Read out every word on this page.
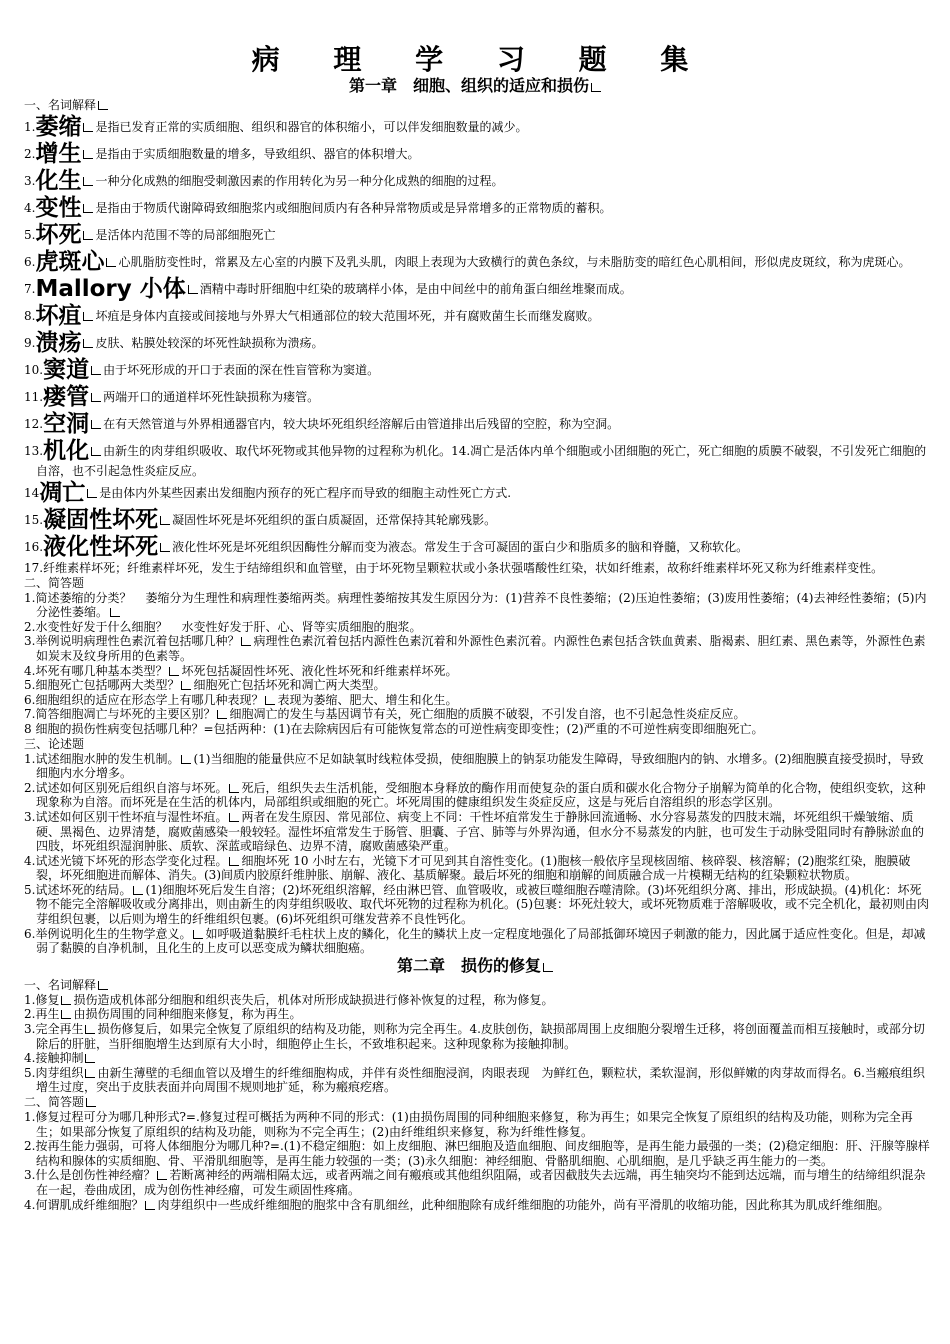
病 理 学 习 题 集
第一章　细胞、组织的适应和损伤
一、名词解释

1.萎缩 是指已发育正常的实质细胞、组织和器官的体积缩小，可以伴发细胞数量的减少。

2.增生 是指由于实质细胞数量的增多，导致组织、器官的体积增大。

3.化生 一种分化成熟的细胞受刺激因素的作用转化为另一种分化成熟的细胞的过程。

4.变性 是指由于物质代谢障碍致细胞浆内或细胞间质内有各种异常物质或是异常增多的正常物质的蓄积。

5.坏死 是活体内范围不等的局部细胞死亡

6.虎斑心 心肌脂肪变性时，常累及左心室的内膜下及乳头肌，肉眼上表现为大致横行的黄色条纹，与未脂肪变的暗红色心肌相间，形似虎皮斑纹，称为虎斑心。

7.Mallory 小体 酒精中毒时肝细胞中红染的玻璃样小体，是由中间丝中的前角蛋白细丝堆聚而成。

8.坏疽 坏疽是身体内直接或间接地与外界大气相通部位的较大范围坏死，并有腐败菌生长而继发腐败。

9.溃疡 皮肤、粘膜处较深的坏死性缺损称为溃疡。

10.窦道 由于坏死形成的开口于表面的深在性盲管称为窦道。

11.瘘管 两端开口的通道样坏死性缺损称为瘘管。

12.空洞 在有天然管道与外界相通器官内，较大块坏死组织经溶解后由管道排出后残留的空腔，称为空洞。

13.机化 由新生的肉芽组织吸收、取代坏死物或其他异物的过程称为机化。14.凋亡是活体内单个细胞或小团细胞的死亡，死亡细胞的质膜不破裂，不引发死亡细胞的自溶，也不引起急性炎症反应。

14凋亡 是由体内外某些因素出发细胞内预存的死亡程序而导致的细胞主动性死亡方式.

15.凝固性坏死 凝固性坏死是坏死组织的蛋白质凝固，还常保持其轮廓残影。

16.液化性坏死 液化性坏死是坏死组织因酶性分解而变为液态。常发生于含可凝固的蛋白少和脂质多的脑和脊髓，又称软化。

17.纤维素样坏死；纤维素样坏死，发生于结缔组织和血管壁，由于坏死物呈颗粒状或小条状强嗜酸性红染，状如纤维素，故称纤维素样坏死又称为纤维素样变性。

二、简答题

1.简述萎缩的分类？ 萎缩分为生理性和病理性萎缩两类。病理性萎缩按其发生原因分为：(1)营养不良性萎缩；(2)压迫性萎缩；(3)废用性萎缩；(4)去神经性萎缩；(5)内分泌性萎缩。

2.水变性好发于什么细胞？ 水变性好发于肝、心、肾等实质细胞的胞浆。

3.举例说明病理性色素沉着包括哪几种？ 病理性色素沉着包括内源性色素沉着和外源性色素沉着。内源性色素包括含铁血黄素、脂褐素、胆红素、黑色素等，外源性色素如炭末及纹身所用的色素等。

4.坏死有哪几种基本类型？ 坏死包括凝固性坏死、液化性坏死和纤维素样坏死。

5.细胞死亡包括哪两大类型？ 细胞死亡包括坏死和凋亡两大类型。

6.细胞组织的适应在形态学上有哪几种表现？ 表现为萎缩、肥大、增生和化生。

7.简答细胞凋亡与坏死的主要区别？ 细胞凋亡的发生与基因调节有关，死亡细胞的质膜不破裂，不引发自溶，也不引起急性炎症反应。

8 细胞的损伤性病变包括哪几种？=包括两种：(1)在去除病因后有可能恢复常态的可逆性病变即变性；(2)严重的不可逆性病变即细胞死亡。

三、论述题

1.试述细胞水肿的发生机制。 (1)当细胞的能量供应不足如缺氧时线粒体受损，使细胞膜上的钠泵功能发生障碍，导致细胞内的钠、水增多。(2)细胞膜直接受损时，导致细胞内水分增多。

2.试述如何区别死后组织自溶与坏死。 死后，组织失去生活机能，受细胞本身释放的酶作用而使复杂的蛋白质和碳水化合物分子崩解为简单的化合物，使组织变软，这种现象称为自溶。而坏死是在生活的机体内，局部组织或细胞的死亡。坏死周围的健康组织发生炎症反应，这是与死后自溶组织的形态学区别。

3.试述如何区别干性坏疽与湿性坏疽。 两者在发生原因、常见部位、病变上不同：干性坏疽常发生于静脉回流通畅、水分容易蒸发的四肢末端，坏死组织干燥皱缩、质硬、黑褐色、边界清楚，腐败菌感染一般较轻。湿性坏疽常发生于肠管、胆囊、子宫、肺等与外界沟通，但水分不易蒸发的内脏，也可发生于动脉受阻同时有静脉淤血的四肢，坏死组织湿润肿胀、质软、深蓝或暗绿色、边界不清，腐败菌感染严重。

4.试述光镜下坏死的形态学变化过程。 细胞坏死 10 小时左右，光镜下才可见到其自溶性变化。(1)胞核一般依序呈现核固缩、核碎裂、核溶解；(2)胞浆红染，胞膜破裂，坏死细胞进而解体、消失。(3)间质内胶原纤维肿胀、崩解、液化、基质解聚。最后坏死的细胞和崩解的间质融合成一片模糊无结构的红染颗粒状物质。

5.试述坏死的结局。 (1)细胞坏死后发生自溶；(2)坏死组织溶解，经由淋巴管、血管吸收，或被巨噬细胞吞噬清除。(3)坏死组织分离、排出，形成缺损。(4)机化：坏死物不能完全溶解吸收或分离排出，则由新生的肉芽组织吸收、取代坏死物的过程称为机化。(5)包裹：坏死灶较大，或坏死物质难于溶解吸收，或不完全机化，最初则由肉芽组织包裹，以后则为增生的纤维组织包裹。(6)坏死组织可继发营养不良性钙化。

6.举例说明化生的生物学意义。 如呼吸道黏膜纤毛柱状上皮的鳞化，化生的鳞状上皮一定程度地强化了局部抵御环境因子刺激的能力，因此属于适应性变化。但是，却减弱了黏膜的自净机制，且化生的上皮可以恶变成为鳞状细胞癌。

第二章　损伤的修复
一、名词解释

1.修复 损伤造成机体部分细胞和组织丧失后，机体对所形成缺损进行修补恢复的过程，称为修复。

2.再生 由损伤周围的同种细胞来修复，称为再生。

3.完全再生 损伤修复后，如果完全恢复了原组织的结构及功能，则称为完全再生。4.皮肤创伤，缺损部周围上皮细胞分裂增生迁移，将创面覆盖而相互接触时，或部分切除后的肝脏，当肝细胞增生达到原有大小时，细胞停止生长，不致堆积起来。这种现象称为接触抑制。

4.接触抑制

5.肉芽组织 由新生薄壁的毛细血管以及增生的纤维细胞构成，并伴有炎性细胞浸润，肉眼表现　为鲜红色，颗粒状，柔软湿润，形似鲜嫩的肉芽故而得名。6.当瘢痕组织增生过度，突出于皮肤表面并向周围不规则地扩延，称为瘢痕疙瘩。

二、简答题

1.修复过程可分为哪几种形式?=.修复过程可概括为两种不同的形式：(1)由损伤周围的同种细胞来修复，称为再生；如果完全恢复了原组织的结构及功能，则称为完全再生；如果部分恢复了原组织的结构及功能，则称为不完全再生；(2)由纤维组织来修复，称为纤维性修复。

2.按再生能力强弱，可将人体细胞分为哪几种?=.(1)不稳定细胞：如上皮细胞、淋巴细胞及造血细胞、间皮细胞等，是再生能力最强的一类；(2)稳定细胞：肝、汗腺等腺样结构和腺体的实质细胞、骨、平滑肌细胞等，是再生能力较强的一类；(3)永久细胞：神经细胞、骨骼肌细胞、心肌细胞，是几乎缺乏再生能力的一类。

3.什么是创伤性神经瘤？ 若断离神经的两端相隔太远，或者两端之间有瘢痕或其他组织阻隔，或者因截肢失去远端，再生轴突均不能到达远端，而与增生的结缔组织混杂在一起，卷曲成团，成为创伤性神经瘤，可发生顽固性疼痛。

4.何谓肌成纤维细胞？ 肉芽组织中一些成纤维细胞的胞浆中含有肌细丝，此种细胞除有成纤维细胞的功能外，尚有平滑肌的收缩功能，因此称其为肌成纤维细胞。
